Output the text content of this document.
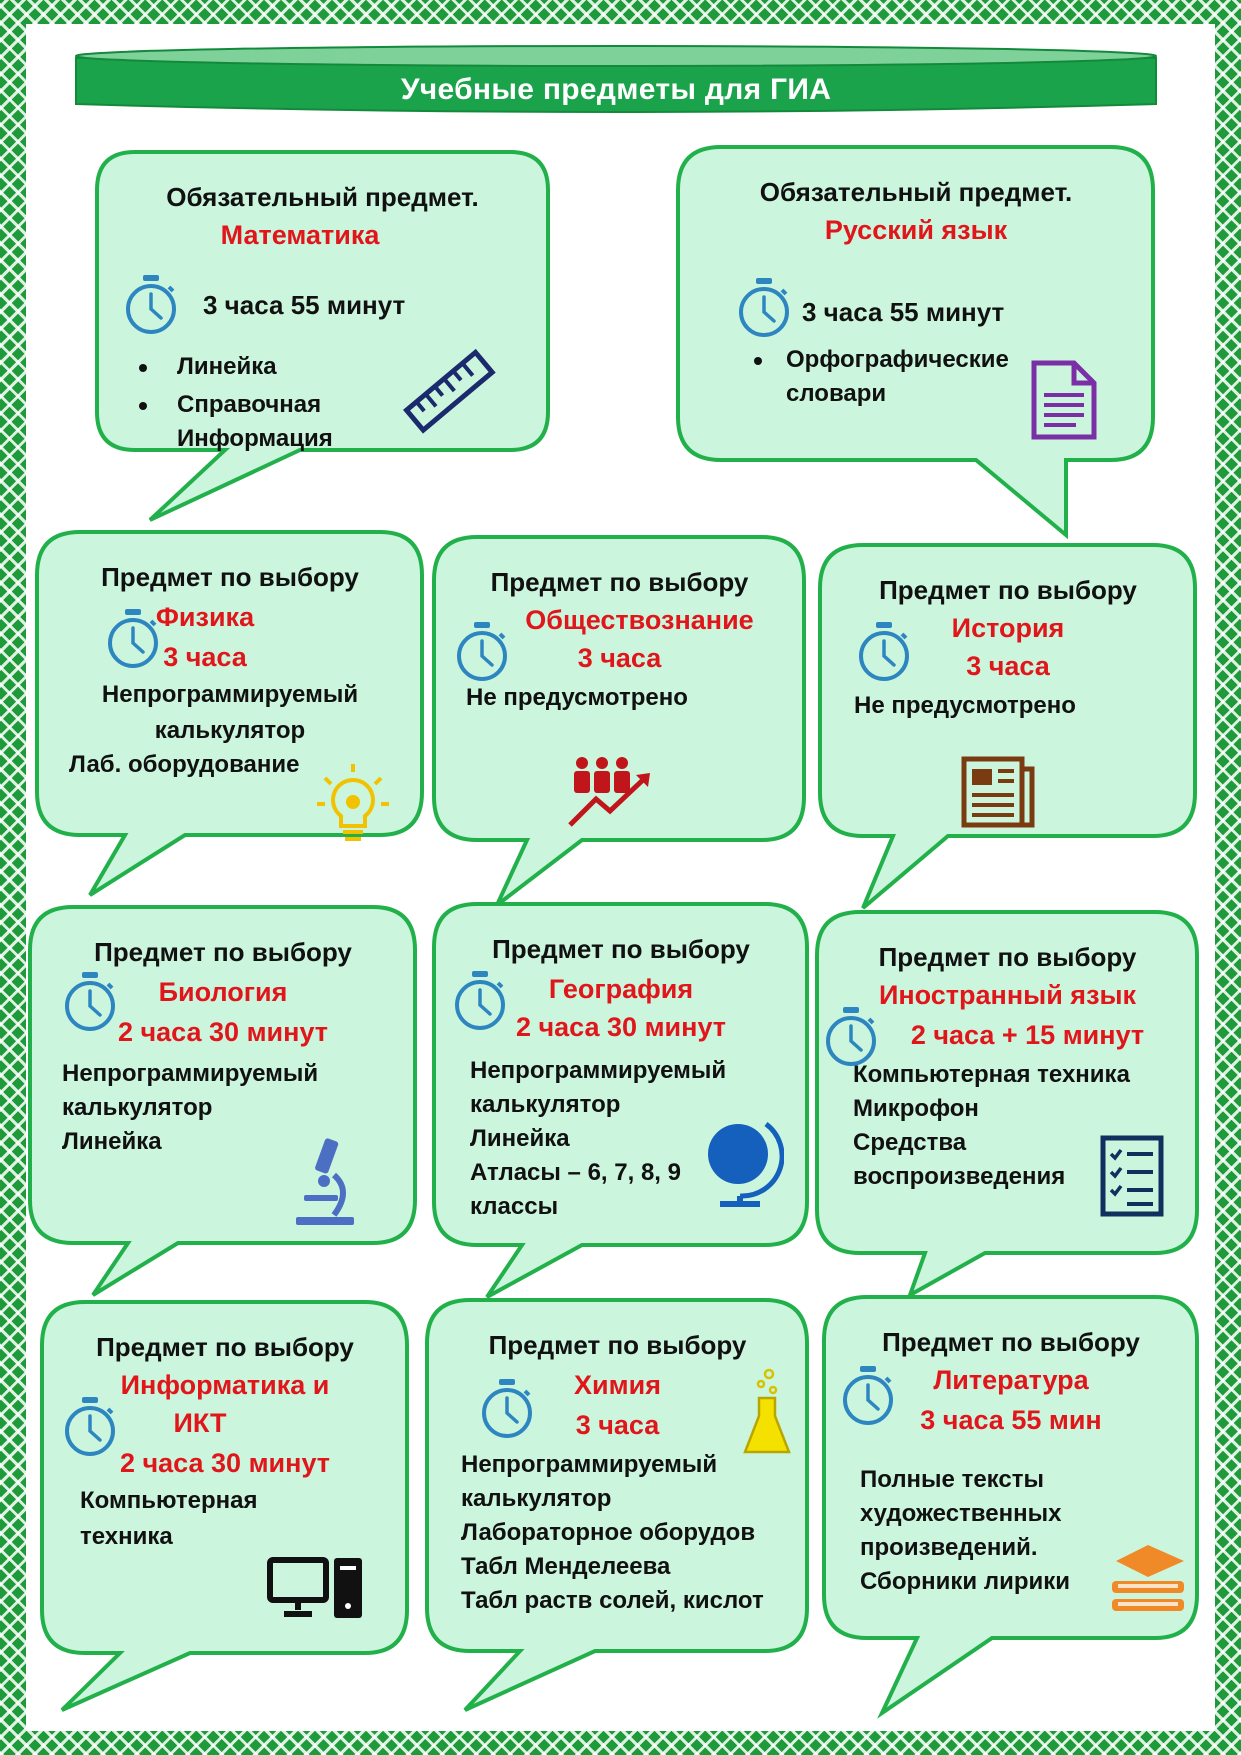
Учебные предметы для ГИА
Обязательный предмет.
Математика
3 часа 55 минут
Линейка
Справочная
Информация
Обязательный предмет.
Русский язык
3 часа 55 минут
Орфографические
словари
Предмет по выбору
Физика
3 часа
Непрограммируемый
калькулятор
Лаб. оборудование
Предмет по выбору
Обществознание
3 часа
Не предусмотрено
Предмет по выбору
История
3 часа
Не предусмотрено
Предмет по выбору
Биология
2 часа 30 минут
Непрограммируемый
калькулятор
Линейка
Предмет по выбору
География
2 часа 30 минут
Непрограммируемый
калькулятор
Линейка
Атласы – 6, 7, 8, 9
классы
Предмет по выбору
Иностранный язык
2 часа + 15 минут
Компьютерная техника
Микрофон
Средства
воспроизведения
Предмет по выбору
Информатика и
ИКТ
2 часа 30 минут
Компьютерная
техника
Предмет по выбору
Химия
3 часа
Непрограммируемый
калькулятор
Лабораторное оборудов
Табл Менделеева
Табл раств солей, кислот
Предмет по выбору
Литература
3 часа 55 мин
Полные тексты
художественных
произведений.
Сборники лирики
